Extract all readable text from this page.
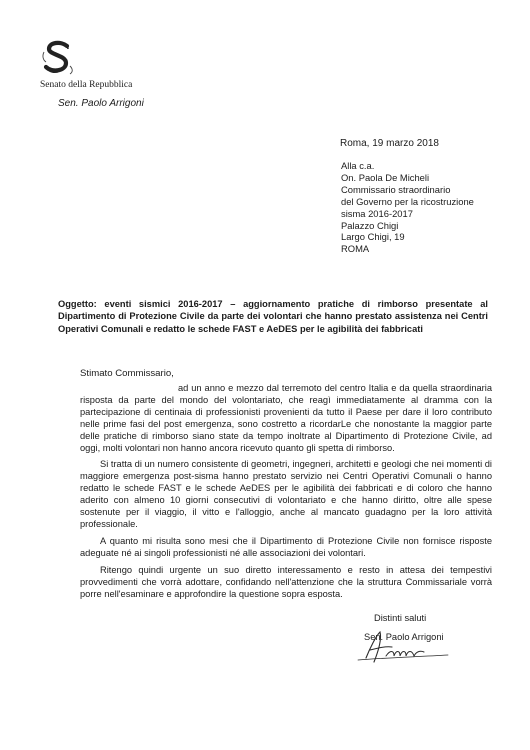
Senato della Repubblica
Sen. Paolo Arrigoni
Roma, 19 marzo 2018
Alla c.a.
On. Paola De Micheli
Commissario straordinario
del Governo per la ricostruzione
sisma 2016-2017
Palazzo Chigi
Largo Chigi, 19
ROMA
Oggetto: eventi sismici 2016-2017 – aggiornamento pratiche di rimborso presentate al Dipartimento di Protezione Civile da parte dei volontari che hanno prestato assistenza nei Centri Operativi Comunali e redatto le schede FAST e AeDES per le agibilità dei fabbricati
Stimato Commissario,

ad un anno e mezzo dal terremoto del centro Italia e da quella straordinaria risposta da parte del mondo del volontariato, che reagì immediatamente al dramma con la partecipazione di centinaia di professionisti provenienti da tutto il Paese per dare il loro contributo nelle prime fasi del post emergenza, sono costretto a ricordarLe che nonostante la maggior parte delle pratiche di rimborso siano state da tempo inoltrate al Dipartimento di Protezione Civile, ad oggi, molti volontari non hanno ancora ricevuto quanto gli spetta di rimborso.

Si tratta di un numero consistente di geometri, ingegneri, architetti e geologi che nei momenti di maggiore emergenza post-sisma hanno prestato servizio nei Centri Operativi Comunali o hanno redatto le schede FAST e le schede AeDES per le agibilità dei fabbricati e di coloro che hanno aderito con almeno 10 giorni consecutivi di volontariato e che hanno diritto, oltre alle spese sostenute per il viaggio, il vitto e l'alloggio, anche al mancato guadagno per la loro attività professionale.

A quanto mi risulta sono mesi che il Dipartimento di Protezione Civile non fornisce risposte adeguate né ai singoli professionisti né alle associazioni dei volontari.

Ritengo quindi urgente un suo diretto interessamento e resto in attesa dei tempestivi provvedimenti che vorrà adottare, confidando nell'attenzione che la struttura Commissariale vorrà porre nell'esaminare e approfondire la questione sopra esposta.

Distinti saluti
Sen. Paolo Arrigoni
